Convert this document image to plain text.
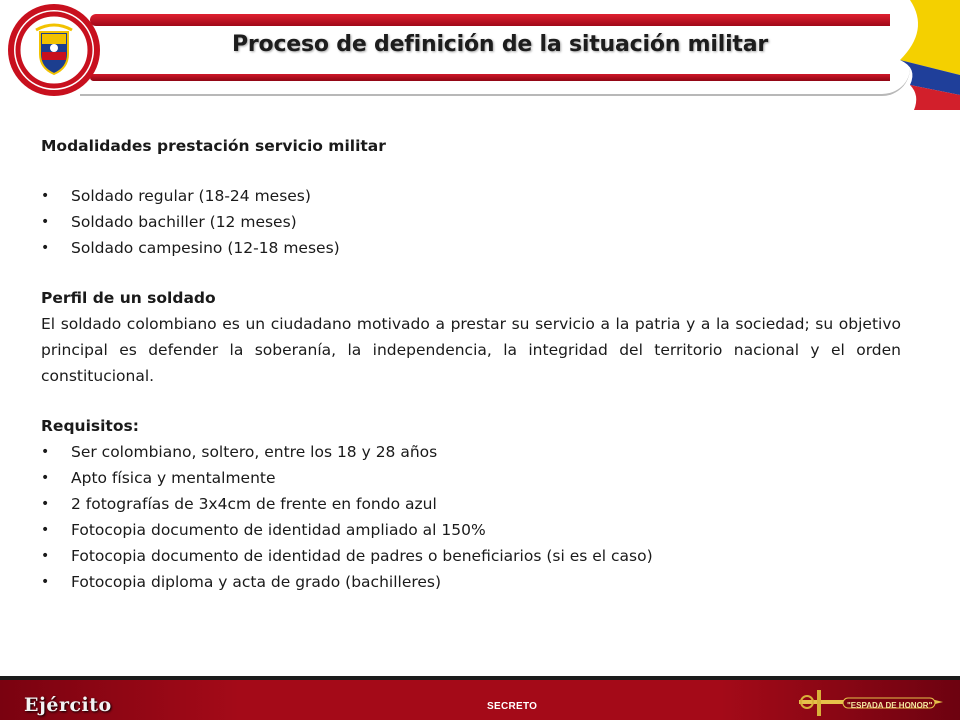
Proceso de definición de la situación militar

Modalidades prestación servicio militar

• Soldado regular (18-24 meses)
• Soldado bachiller (12 meses)
• Soldado campesino (12-18 meses)

Perfil de un soldado

El soldado colombiano es un ciudadano motivado a prestar su servicio a la patria y a la sociedad; su objetivo principal es defender la soberanía, la independencia, la integridad del territorio nacional y el orden constitucional.

Requisitos:

• Ser colombiano, soltero, entre los 18 y 28 años
• Apto física y mentalmente
• 2 fotografías de 3x4cm de frente en fondo azul
• Fotocopia documento de identidad ampliado al 150%
• Fotocopia documento de identidad de padres o beneficiarios (si es el caso)
• Fotocopia diploma y acta de grado (bachilleres)
Ejército	SECRETO	"ESPADA DE HONOR"
